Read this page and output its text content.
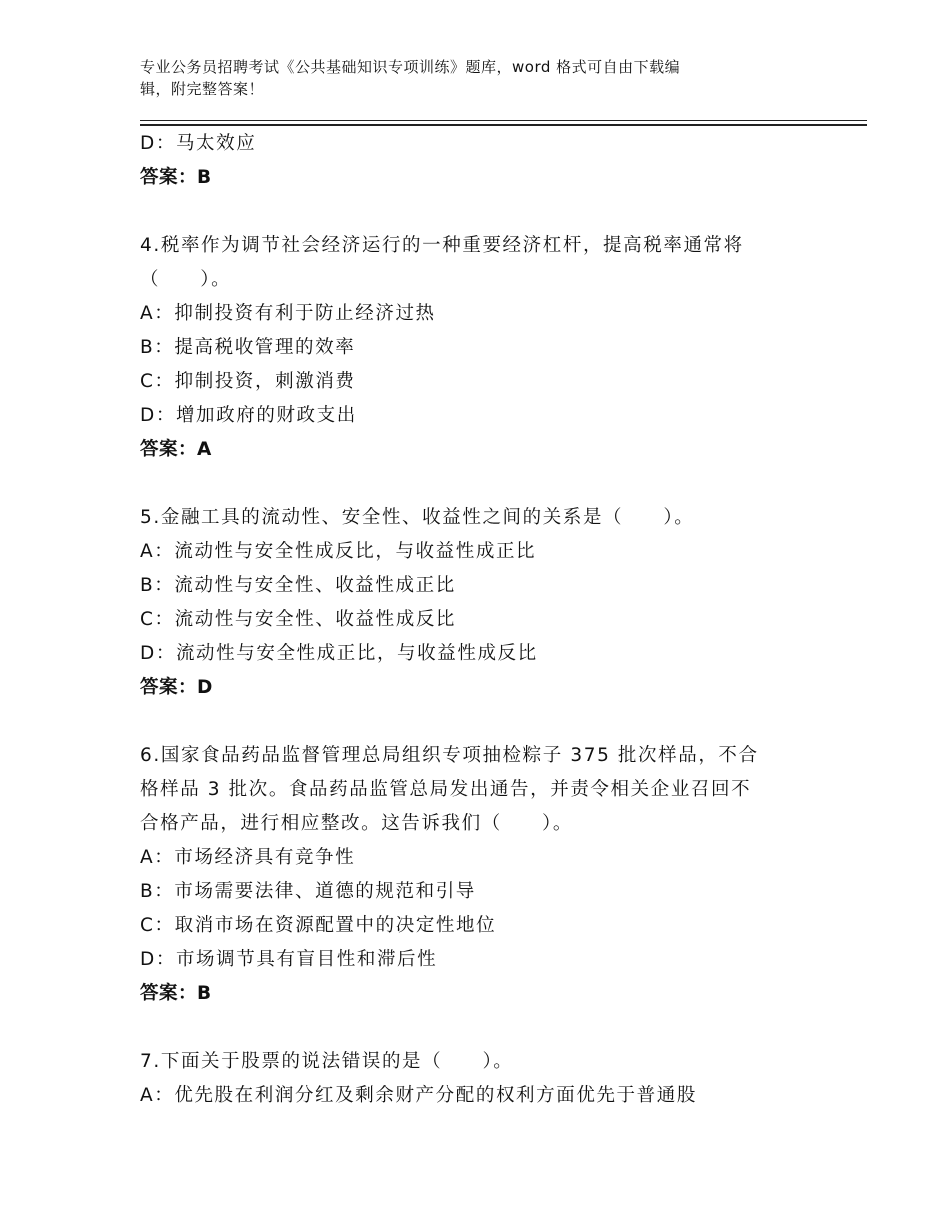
专业公务员招聘考试《公共基础知识专项训练》题库，word 格式可自由下载编
辑，附完整答案！
D：马太效应
答案：B
4.税率作为调节社会经济运行的一种重要经济杠杆，提高税率通常将
（　　）。
A：抑制投资有利于防止经济过热
B：提高税收管理的效率
C：抑制投资，刺激消费
D：增加政府的财政支出
答案：A
5.金融工具的流动性、安全性、收益性之间的关系是（　　）。
A：流动性与安全性成反比，与收益性成正比
B：流动性与安全性、收益性成正比
C：流动性与安全性、收益性成反比
D：流动性与安全性成正比，与收益性成反比
答案：D
6.国家食品药品监督管理总局组织专项抽检粽子 375 批次样品，不合
格样品 3 批次。食品药品监管总局发出通告，并责令相关企业召回不
合格产品，进行相应整改。这告诉我们（　　）。
A：市场经济具有竞争性
B：市场需要法律、道德的规范和引导
C：取消市场在资源配置中的决定性地位
D：市场调节具有盲目性和滞后性
答案：B
7.下面关于股票的说法错误的是（　　）。
A：优先股在利润分红及剩余财产分配的权利方面优先于普通股
